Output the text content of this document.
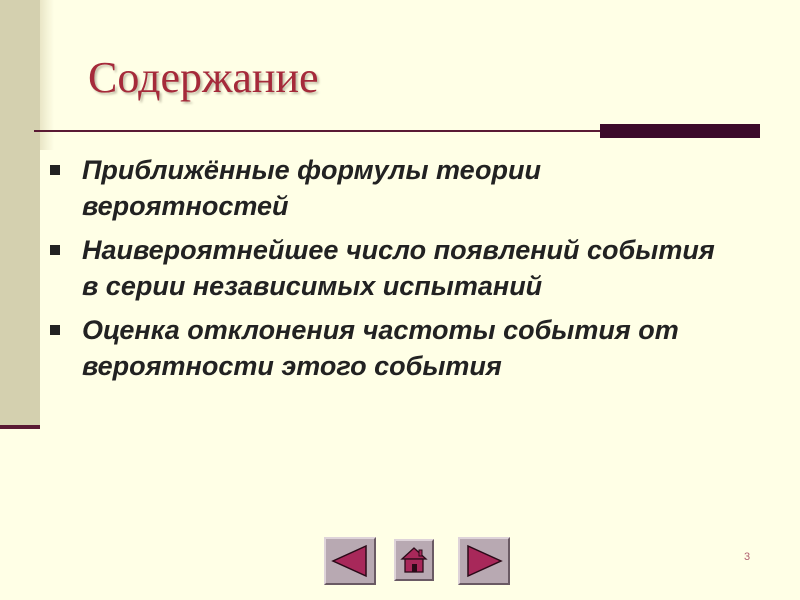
Содержание
Приближённые формулы теории вероятностей
Наивероятнейшее число появлений события в серии независимых испытаний
Оценка отклонения частоты события от вероятности этого события
3
